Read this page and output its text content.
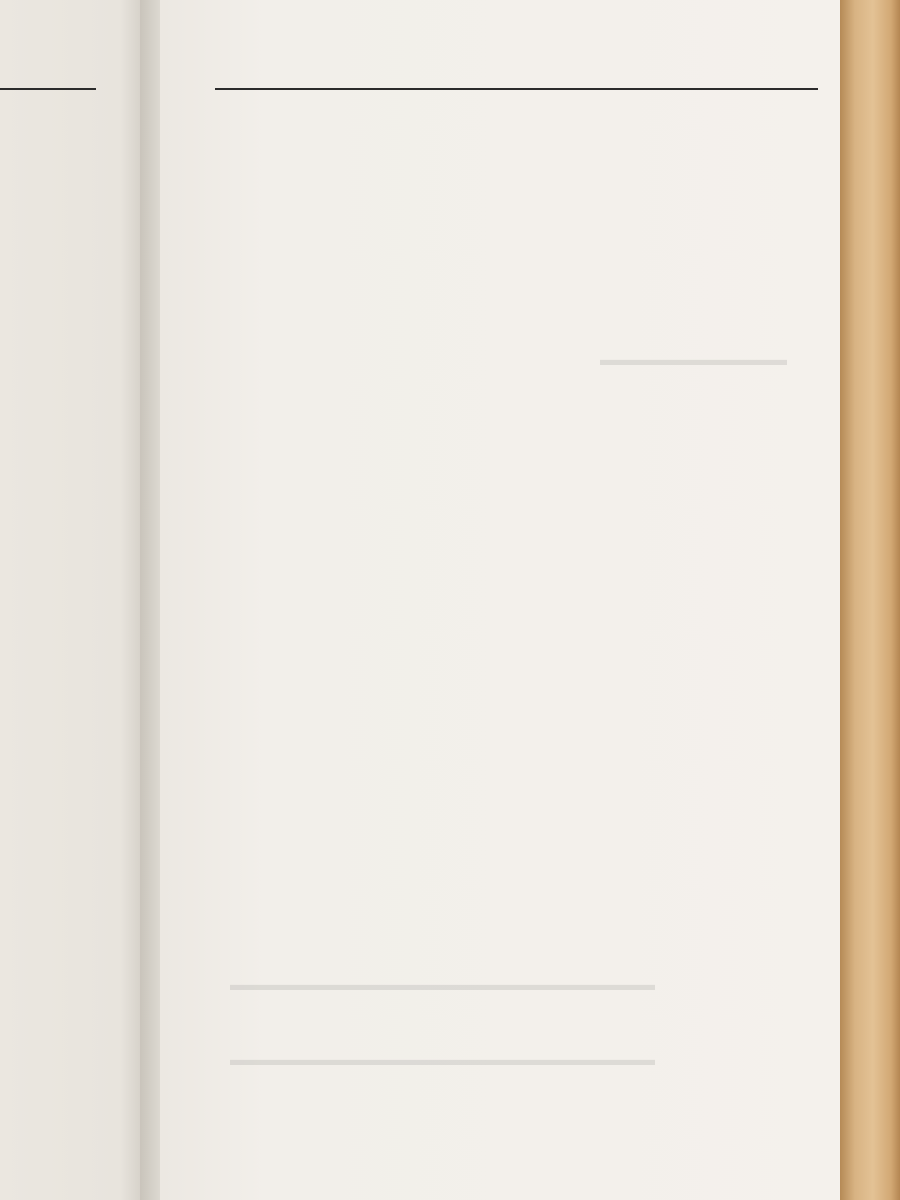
▬▬▬▬▬▬▬▬▬▬▬
▬▬▬▬▬▬▬▬▬▬▬▬▬▬▬▬▬▬▬▬▬▬▬▬▬
▬▬▬▬▬▬▬▬▬▬▬▬▬▬▬▬▬▬▬▬▬▬▬▬▬
